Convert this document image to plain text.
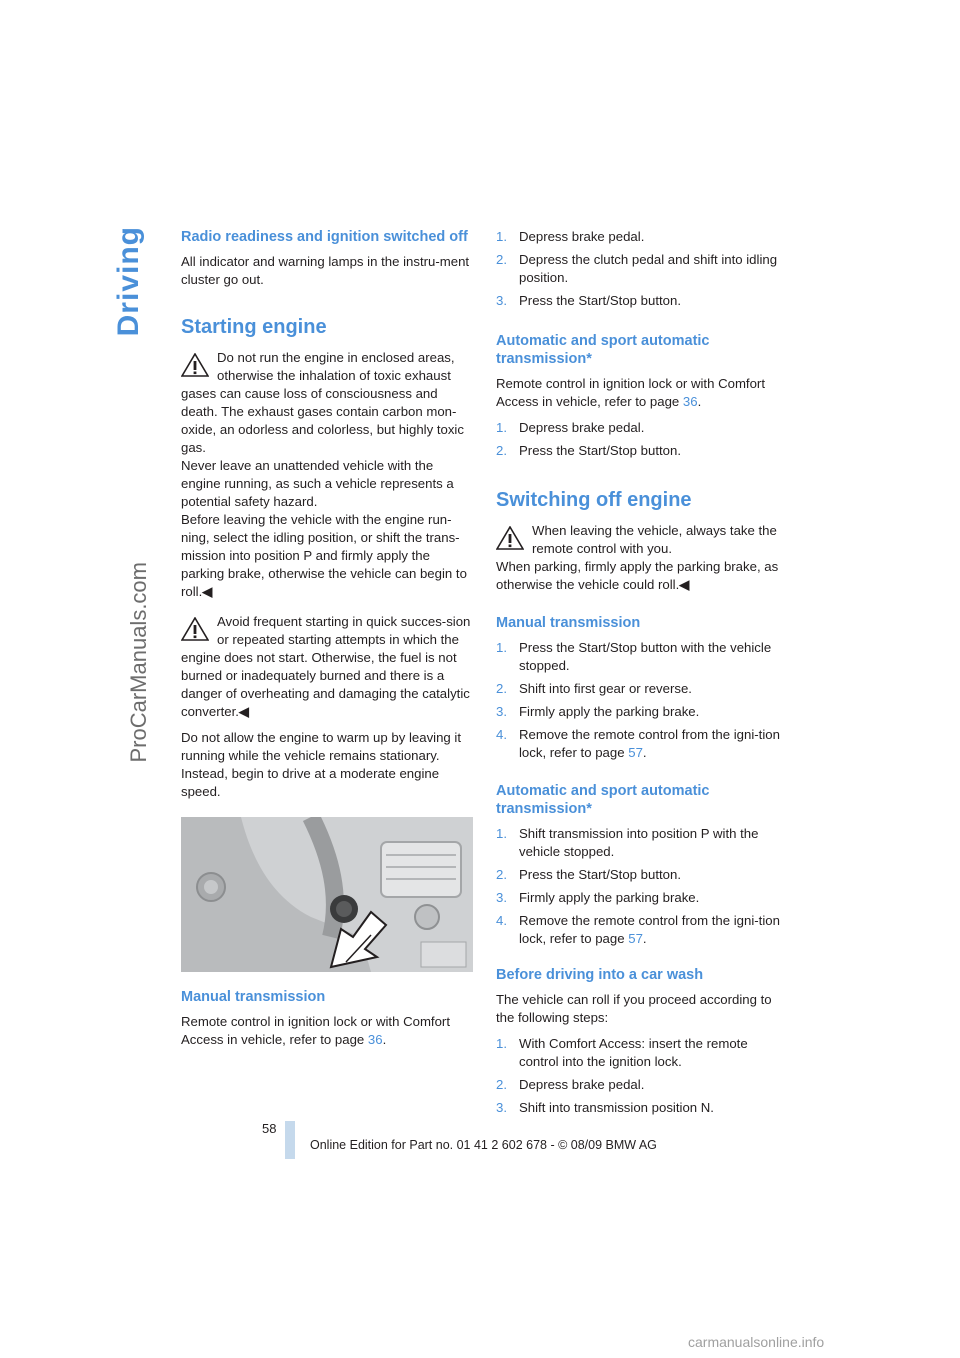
Driving
ProCarManuals.com
Radio readiness and ignition switched off

All indicator and warning lamps in the instru-ment cluster go out.

Starting engine

Do not run the engine in enclosed areas, otherwise the inhalation of toxic exhaust gases can cause loss of consciousness and death. The exhaust gases contain carbon mon-oxide, an odorless and colorless, but highly toxic gas.

Never leave an unattended vehicle with the engine running, as such a vehicle represents a potential safety hazard.

Before leaving the vehicle with the engine run-ning, select the idling position, or shift the trans-mission into position P and firmly apply the parking brake, otherwise the vehicle can begin to roll.◀

Avoid frequent starting in quick succes-sion or repeated starting attempts in which the engine does not start. Otherwise, the fuel is not burned or inadequately burned and there is a danger of overheating and damaging the catalytic converter.◀

Do not allow the engine to warm up by leaving it running while the vehicle remains stationary. Instead, begin to drive at a moderate engine speed.

Manual transmission

Remote control in ignition lock or with Comfort Access in vehicle, refer to page 36.

1. Depress brake pedal.
2. Depress the clutch pedal and shift into idling position.
3. Press the Start/Stop button.
Automatic and sport automatic transmission*

Remote control in ignition lock or with Comfort Access in vehicle, refer to page 36.

1. Depress brake pedal.
2. Press the Start/Stop button.
Switching off engine

When leaving the vehicle, always take the remote control with you.

When parking, firmly apply the parking brake, as otherwise the vehicle could roll.◀

Manual transmission
1. Press the Start/Stop button with the vehicle stopped.
2. Shift into first gear or reverse.
3. Firmly apply the parking brake.
4. Remove the remote control from the igni-tion lock, refer to page 57.
Automatic and sport automatic transmission*
1. Shift transmission into position P with the vehicle stopped.
2. Press the Start/Stop button.
3. Firmly apply the parking brake.
4. Remove the remote control from the igni-tion lock, refer to page 57.
Before driving into a car wash

The vehicle can roll if you proceed according to the following steps:

1. With Comfort Access: insert the remote control into the ignition lock.
2. Depress brake pedal.
3. Shift into transmission position N.
58
Online Edition for Part no. 01 41 2 602 678 - © 08/09 BMW AG
carmanualsonline.info
